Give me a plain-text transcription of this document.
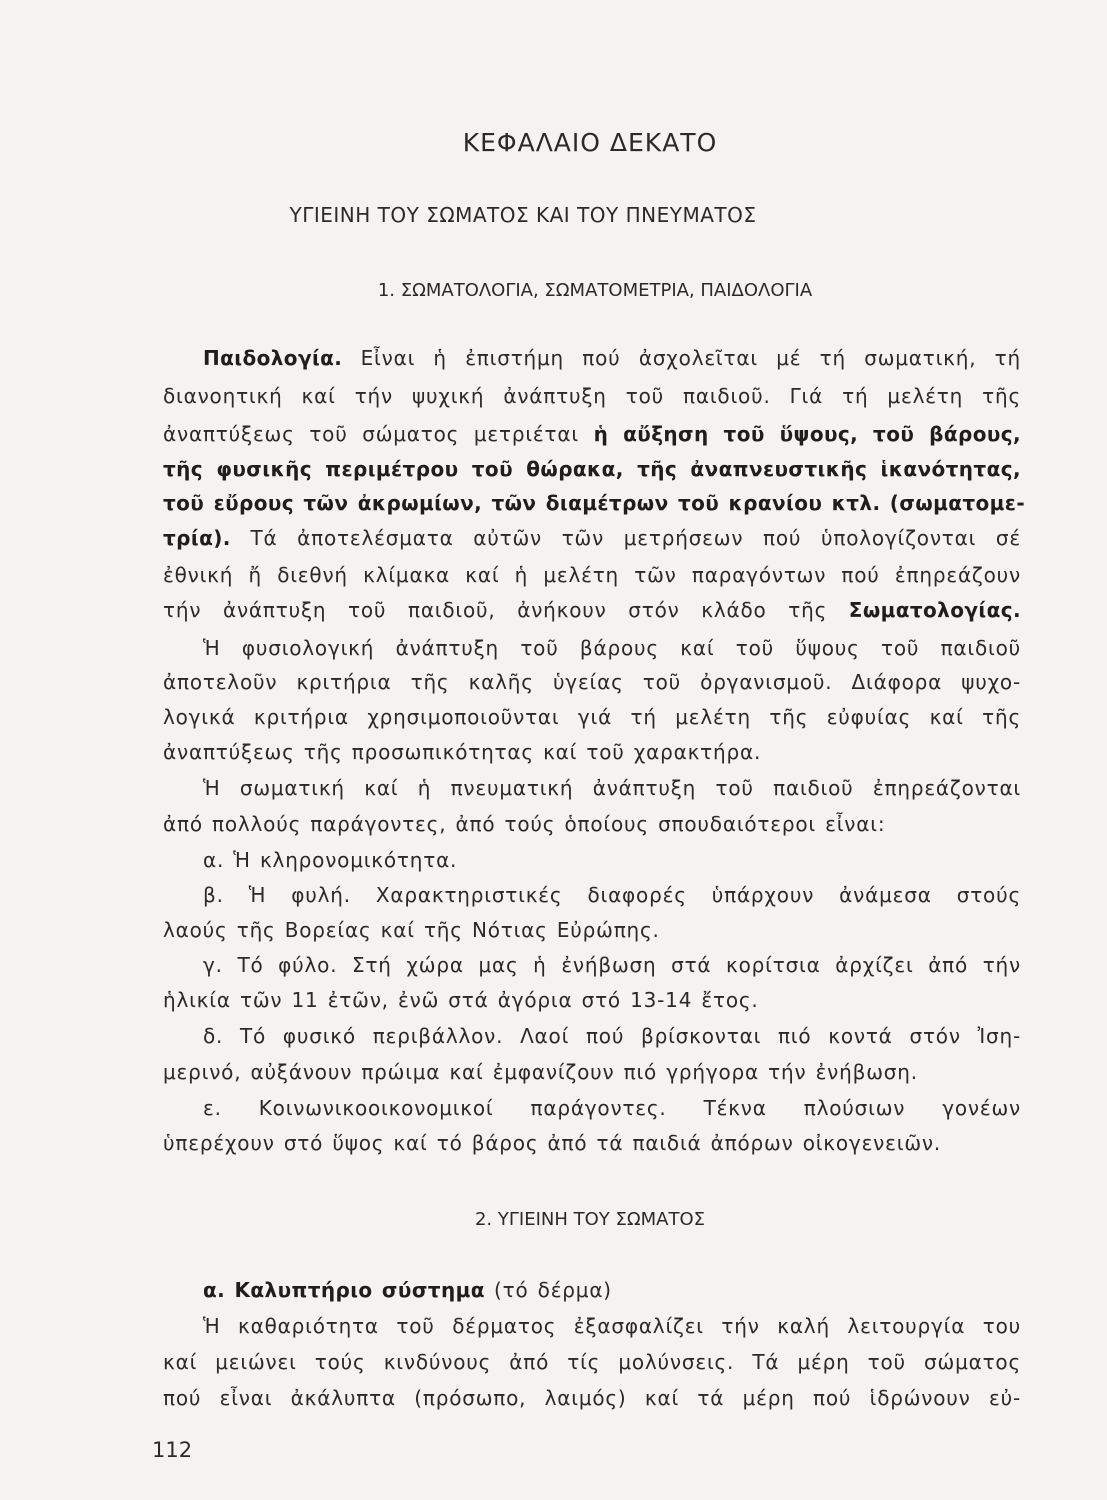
ΚΕΦΑΛΑΙΟ ΔΕΚΑΤΟ
ΥΓΙΕΙΝΗ ΤΟΥ ΣΩΜΑΤΟΣ ΚΑΙ ΤΟΥ ΠΝΕΥΜΑΤΟΣ
1. ΣΩΜΑΤΟΛΟΓΙΑ, ΣΩΜΑΤΟΜΕΤΡΙΑ, ΠΑΙΔΟΛΟΓΙΑ
Παιδολογία. Εἶναι ἡ ἐπιστήμη πού ἀσχολεῖται μέ τή σωματική, τή
διανοητική καί τήν ψυχική ἀνάπτυξη τοῦ παιδιοῦ. Γιά τή μελέτη τῆς
ἀναπτύξεως τοῦ σώματος μετριέται ἡ αὔξηση τοῦ ὕψους, τοῦ βάρους,
τῆς φυσικῆς περιμέτρου τοῦ θώρακα, τῆς ἀναπνευστικῆς ἱκανότητας,
τοῦ εὔρους τῶν ἀκρωμίων, τῶν διαμέτρων τοῦ κρανίου κτλ. (σωματομε-
τρία). Τά ἀποτελέσματα αὐτῶν τῶν μετρήσεων πού ὑπολογίζονται σέ
ἐθνική ἤ διεθνή κλίμακα καί ἡ μελέτη τῶν παραγόντων πού ἐπηρεάζουν
τήν ἀνάπτυξη τοῦ παιδιοῦ, ἀνήκουν στόν κλάδο τῆς Σωματολογίας.
Ἡ φυσιολογική ἀνάπτυξη τοῦ βάρους καί τοῦ ὕψους τοῦ παιδιοῦ
ἀποτελοῦν κριτήρια τῆς καλῆς ὑγείας τοῦ ὀργανισμοῦ. Διάφορα ψυχο-
λογικά κριτήρια χρησιμοποιοῦνται γιά τή μελέτη τῆς εὐφυίας καί τῆς
ἀναπτύξεως τῆς προσωπικότητας καί τοῦ χαρακτήρα.
Ἡ σωματική καί ἡ πνευματική ἀνάπτυξη τοῦ παιδιοῦ ἐπηρεάζονται
ἀπό πολλούς παράγοντες, ἀπό τούς ὁποίους σπουδαιότεροι εἶναι:
α. Ἡ κληρονομικότητα.
β. Ἡ φυλή. Χαρακτηριστικές διαφορές ὑπάρχουν ἀνάμεσα στούς
λαούς τῆς Βορείας καί τῆς Νότιας Εὐρώπης.
γ. Τό φύλο. Στή χώρα μας ἡ ἐνήβωση στά κορίτσια ἀρχίζει ἀπό τήν
ἡλικία τῶν 11 ἐτῶν, ἐνῶ στά ἀγόρια στό 13-14 ἔτος.
δ. Τό φυσικό περιβάλλον. Λαοί πού βρίσκονται πιό κοντά στόν Ἰση-
μερινό, αὐξάνουν πρώιμα καί ἐμφανίζουν πιό γρήγορα τήν ἐνήβωση.
ε. Κοινωνικοοικονομικοί παράγοντες. Τέκνα πλούσιων γονέων
ὑπερέχουν στό ὕψος καί τό βάρος ἀπό τά παιδιά ἀπόρων οἰκογενειῶν.
2. ΥΓΙΕΙΝΗ ΤΟΥ ΣΩΜΑΤΟΣ
α. Καλυπτήριο σύστημα (τό δέρμα)
Ἡ καθαριότητα τοῦ δέρματος ἐξασφαλίζει τήν καλή λειτουργία του
καί μειώνει τούς κινδύνους ἀπό τίς μολύνσεις. Τά μέρη τοῦ σώματος
πού εἶναι ἀκάλυπτα (πρόσωπο, λαιμός) καί τά μέρη πού ἱδρώνουν εὐ-
112
